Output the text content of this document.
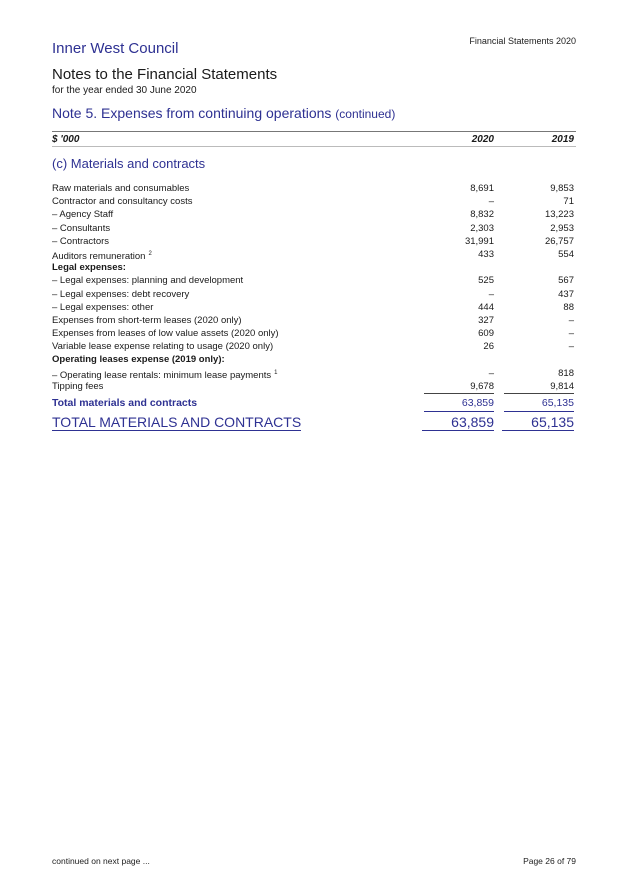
Financial Statements 2020
Inner West Council
Notes to the Financial Statements
for the year ended 30 June 2020
Note 5. Expenses from continuing operations (continued)
$ '000	2020	2019
(c) Materials and contracts
Raw materials and consumables	8,691	9,853
Contractor and consultancy costs	–	71
– Agency Staff	8,832	13,223
– Consultants	2,303	2,953
– Contractors	31,991	26,757
Auditors remuneration $^2$	433	554
Legal expenses:
– Legal expenses: planning and development	525	567
– Legal expenses: debt recovery	–	437
– Legal expenses: other	444	88
Expenses from short-term leases (2020 only)	327	–
Expenses from leases of low value assets (2020 only)	609	–
Variable lease expense relating to usage (2020 only)	26	–
Operating leases expense (2019 only):
– Operating lease rentals: minimum lease payments $^1$	–	818
Tipping fees	9,678	9,814
Total materials and contracts	63,859	65,135
TOTAL MATERIALS AND CONTRACTS	63,859	65,135
continued on next page ...	Page 26 of 79
